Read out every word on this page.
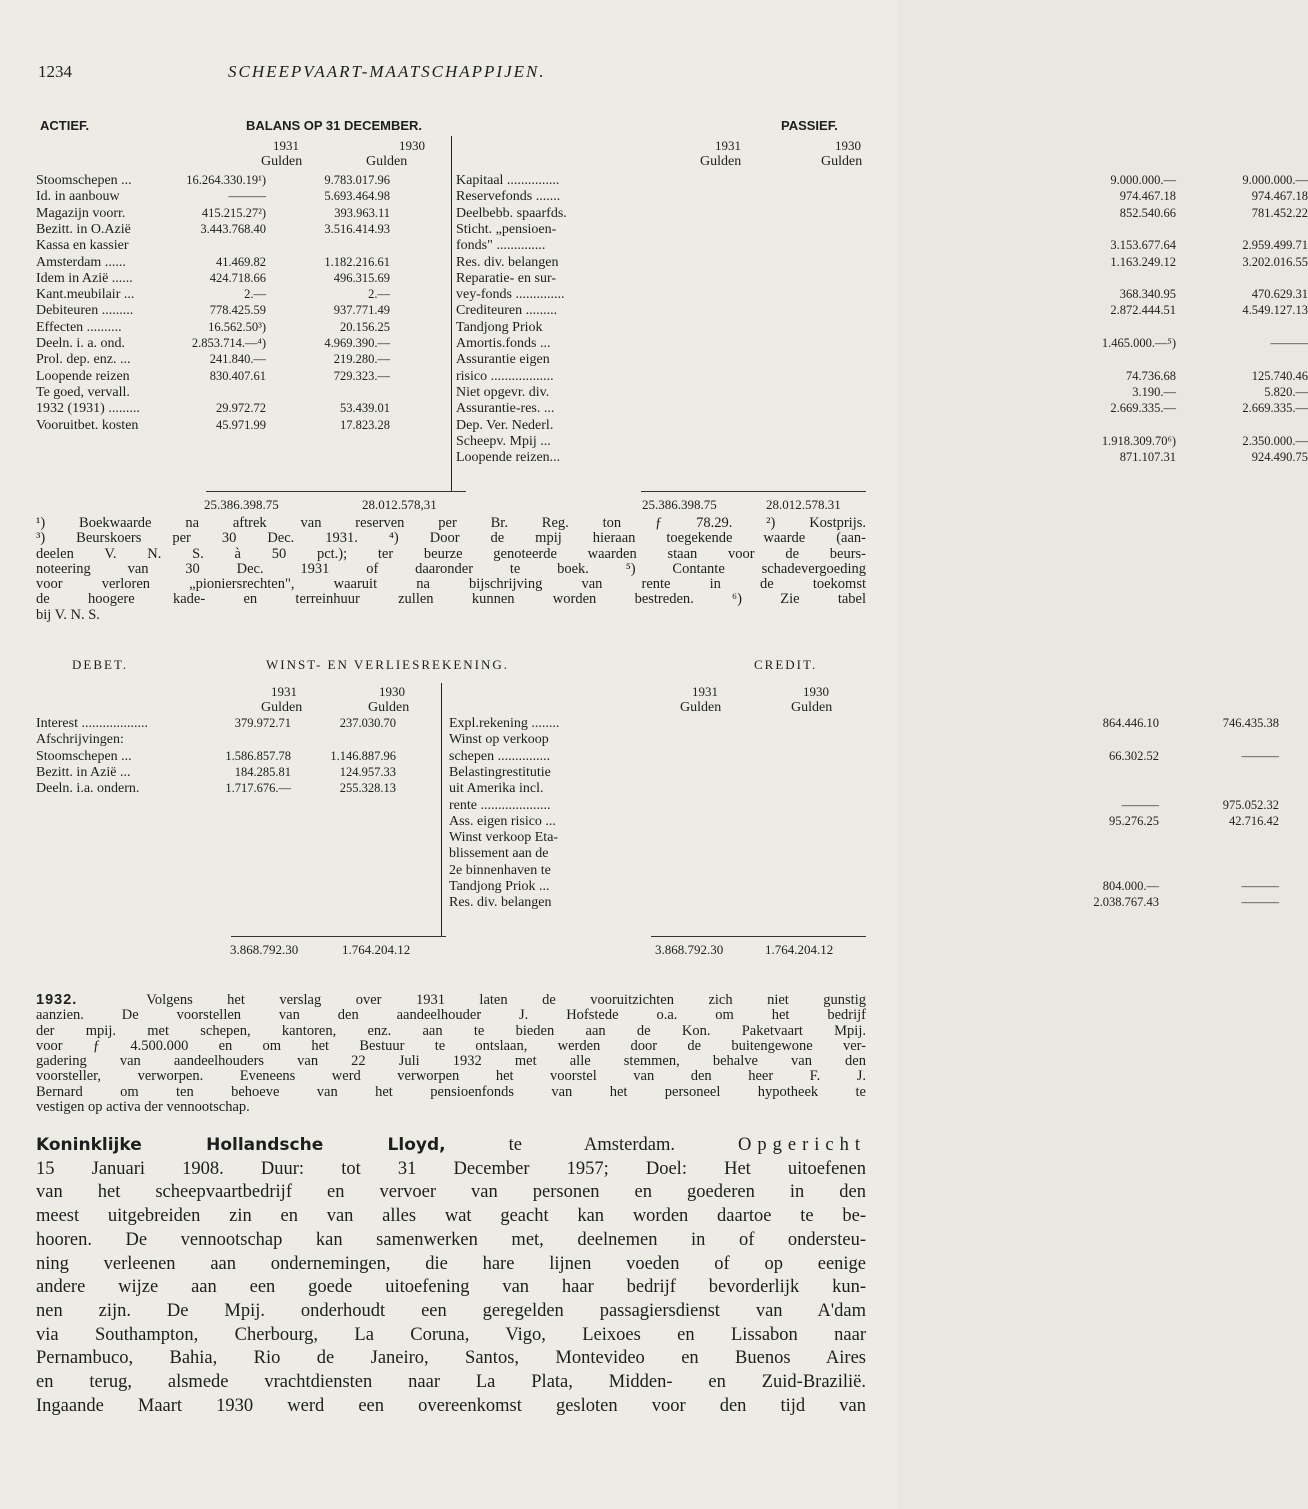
1234	SCHEEPVAART-MAATSCHAPPIJEN.
ACTIEF.	BALANS OP 31 DECEMBER.	PASSIEF.
1931	1930
Gulden	Gulden
1931	1930
Gulden	Gulden
Stoomschepen ...	16.264.330.19¹)	9.783.017.96
Id. in aanbouw	———	5.693.464.98
Magazijn voorr.	415.215.27²)	393.963.11
Bezitt. in O.Azië	3.443.768.40	3.516.414.93
Kassa en kassier
Amsterdam ......	41.469.82	1.182.216.61
Idem in Azië ......	424.718.66	496.315.69
Kant.meubilair ...	2.—	2.—
Debiteuren .........	778.425.59	937.771.49
Effecten ..........	16.562.50³)	20.156.25
Deeln. i. a. ond.	2.853.714.—⁴)	4.969.390.—
Prol. dep. enz. ...	241.840.—	219.280.—
Loopende reizen	830.407.61	729.323.—
Te goed, vervall.
1932 (1931) .........	29.972.72	53.439.01
Vooruitbet. kosten	45.971.99	17.823.28
Kapitaal ...............	9.000.000.—	9.000.000.—
Reservefonds .......	974.467.18	974.467.18
Deelbebb. spaarfds.	852.540.66	781.452.22
Sticht. „pensioen-
fonds" ..............	3.153.677.64	2.959.499.71
Res. div. belangen	1.163.249.12	3.202.016.55
Reparatie- en sur-
vey-fonds ..............	368.340.95	470.629.31
Crediteuren .........	2.872.444.51	4.549.127.13
Tandjong Priok
Amortis.fonds ...	1.465.000.—⁵)	———
Assurantie eigen
risico ..................	74.736.68	125.740.46
Niet opgevr. div.	3.190.—	5.820.—
Assurantie-res. ...	2.669.335.—	2.669.335.—
Dep. Ver. Nederl.
Scheepv. Mpij ...	1.918.309.70⁶)	2.350.000.—
Loopende reizen...	871.107.31	924.490.75
25.386.398.75	28.012.578,31	25.386.398.75	28.012.578.31
¹) Boekwaarde na aftrek van reserven per Br. Reg. ton ƒ 78.29. ²) Kostprijs.
³) Beurskoers per 30 Dec. 1931. ⁴) Door de mpij hieraan toegekende waarde (aan-
deelen V. N. S. à 50 pct.); ter beurze genoteerde waarden staan voor de beurs-
noteering van 30 Dec. 1931 of daaronder te boek. ⁵) Contante schadevergoeding
voor verloren „pioniersrechten", waaruit na bijschrijving van rente in de toekomst
de hoogere kade- en terreinhuur zullen kunnen worden bestreden. ⁶) Zie tabel
bij V. N. S.
DEBET.	WINST- EN VERLIESREKENING.	CREDIT.
1931	1930
Gulden	Gulden
1931	1930
Gulden	Gulden
Interest ...................	379.972.71	237.030.70
Afschrijvingen:
Stoomschepen ...	1.586.857.78	1.146.887.96
Bezitt. in Azië ...	184.285.81	124.957.33
Deeln. i.a. ondern.	1.717.676.—	255.328.13
Expl.rekening ........	864.446.10	746.435.38
Winst op verkoop
schepen ...............	66.302.52	———
Belastingrestitutie
uit Amerika incl.
rente ....................	———	975.052.32
Ass. eigen risico ...	95.276.25	42.716.42
Winst verkoop Eta-
blissement aan de
2e binnenhaven te
Tandjong Priok ...	804.000.—	———
Res. div. belangen	2.038.767.43	———
3.868.792.30	1.764.204.12	3.868.792.30	1.764.204.12
1932.	Volgens het verslag over 1931 laten de vooruitzichten zich niet gunstig
aanzien. De voorstellen van den aandeelhouder J. Hofstede o.a. om het bedrijf
der mpij. met schepen, kantoren, enz. aan te bieden aan de Kon. Paketvaart Mpij.
voor ƒ 4.500.000 en om het Bestuur te ontslaan, werden door de buitengewone ver-
gadering van aandeelhouders van 22 Juli 1932 met alle stemmen, behalve van den
voorsteller, verworpen. Eveneens werd verworpen het voorstel van den heer F. J.
Bernard om ten behoeve van het pensioenfonds van het personeel hypotheek te
vestigen op activa der vennootschap.
Koninklijke Hollandsche Lloyd,	te Amsterdam.	Opgericht
15 Januari 1908. Duur: tot 31 December 1957; Doel: Het uitoefenen
van het scheepvaartbedrijf en vervoer van personen en goederen in den
meest uitgebreiden zin en van alles wat geacht kan worden daartoe te be-
hooren. De vennootschap kan samenwerken met, deelnemen in of ondersteu-
ning verleenen aan ondernemingen, die hare lijnen voeden of op eenige
andere wijze aan een goede uitoefening van haar bedrijf bevorderlijk kun-
nen zijn. De Mpij. onderhoudt een geregelden passagiersdienst van A'dam
via Southampton, Cherbourg, La Coruna, Vigo, Leixoes en Lissabon naar
Pernambuco, Bahia, Rio de Janeiro, Santos, Montevideo en Buenos Aires
en terug, alsmede vrachtdiensten naar La Plata, Midden- en Zuid-Brazilië.
Ingaande Maart 1930 werd een overeenkomst gesloten voor den tijd van
